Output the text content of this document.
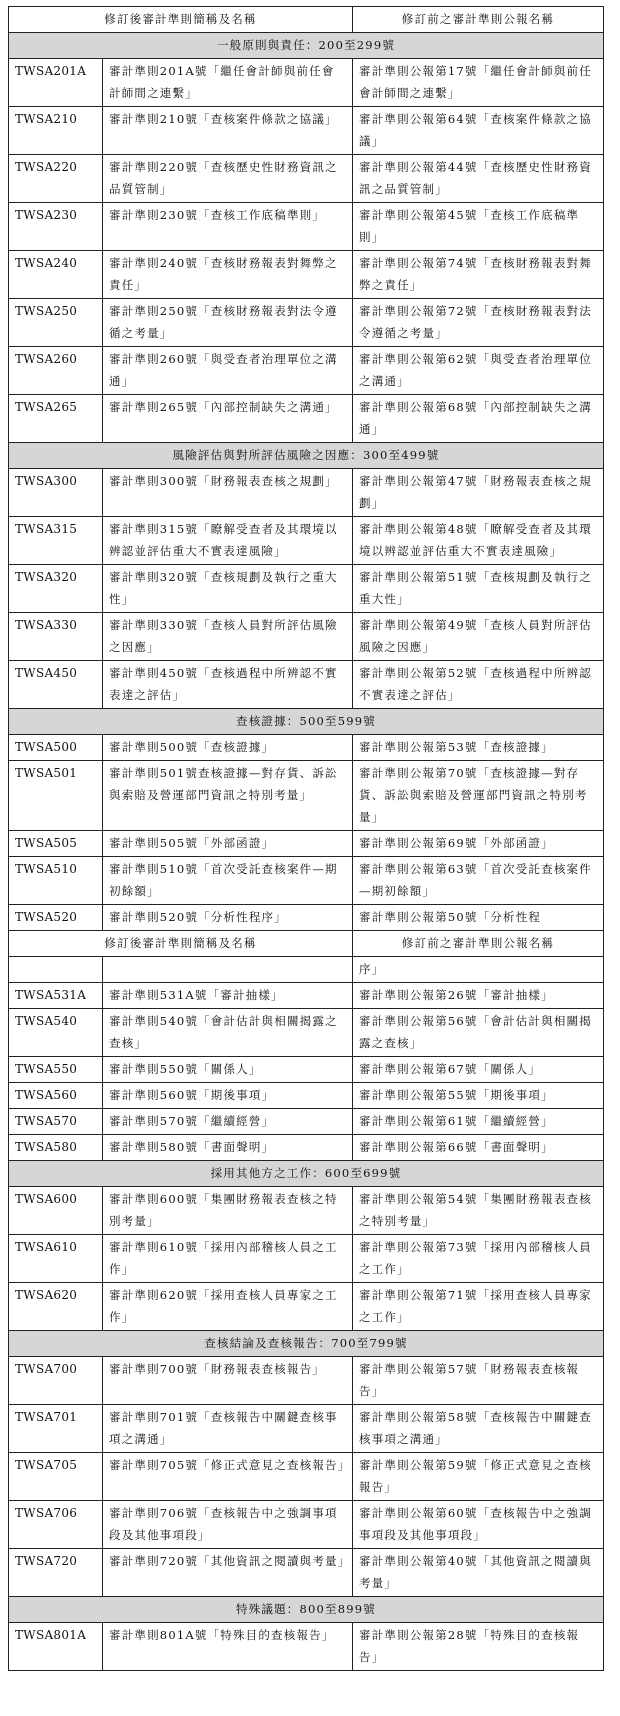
修訂後審計準則簡稱及名稱		修訂前之審計準則公報名稱
一般原則與責任：200至299號		
TWSA201A	審計準則201A號「繼任會計師與前任會計師間之連繫」	審計準則公報第17號「繼任會計師與前任會計師間之連繫」
TWSA210	審計準則210號「查核案件條款之協議」	審計準則公報第64號「查核案件條款之協議」
TWSA220	審計準則220號「查核歷史性財務資訊之品質管制」	審計準則公報第44號「查核歷史性財務資訊之品質管制」
TWSA230	審計準則230號「查核工作底稿準則」	審計準則公報第45號「查核工作底稿準則」
TWSA240	審計準則240號「查核財務報表對舞弊之責任」	審計準則公報第74號「查核財務報表對舞弊之責任」
TWSA250	審計準則250號「查核財務報表對法令遵循之考量」	審計準則公報第72號「查核財務報表對法令遵循之考量」
TWSA260	審計準則260號「與受查者治理單位之溝通」	審計準則公報第62號「與受查者治理單位之溝通」
TWSA265	審計準則265號「內部控制缺失之溝通」	審計準則公報第68號「內部控制缺失之溝通」
風險評估與對所評估風險之因應：300至499號		
TWSA300	審計準則300號「財務報表查核之規劃」	審計準則公報第47號「財務報表查核之規劃」
TWSA315	審計準則315號「瞭解受查者及其環境以辨認並評估重大不實表達風險」	審計準則公報第48號「瞭解受查者及其環境以辨認並評估重大不實表達風險」
TWSA320	審計準則320號「查核規劃及執行之重大性」	審計準則公報第51號「查核規劃及執行之重大性」
TWSA330	審計準則330號「查核人員對所評估風險之因應」	審計準則公報第49號「查核人員對所評估風險之因應」
TWSA450	審計準則450號「查核過程中所辨認不實表達之評估」	審計準則公報第52號「查核過程中所辨認不實表達之評估」
查核證據：500至599號		
TWSA500	審計準則500號「查核證據」	審計準則公報第53號「查核證據」
TWSA501	審計準則501號查核證據—對存貨、訴訟與索賠及營運部門資訊之特別考量」	審計準則公報第70號「查核證據—對存貨、訴訟與索賠及營運部門資訊之特別考量」
TWSA505	審計準則505號「外部函證」	審計準則公報第69號「外部函證」
TWSA510	審計準則510號「首次受託查核案件—期初餘額」	審計準則公報第63號「首次受託查核案件—期初餘額」
TWSA520	審計準則520號「分析性程序」	審計準則公報第50號「分析性程
修訂後審計準則簡稱及名稱		修訂前之審計準則公報名稱
		序」
TWSA531A	審計準則531A號「審計抽樣」	審計準則公報第26號「審計抽樣」
TWSA540	審計準則540號「會計估計與相關揭露之查核」	審計準則公報第56號「會計估計與相關揭露之查核」
TWSA550	審計準則550號「關係人」	審計準則公報第67號「關係人」
TWSA560	審計準則560號「期後事項」	審計準則公報第55號「期後事項」
TWSA570	審計準則570號「繼續經營」	審計準則公報第61號「繼續經營」
TWSA580	審計準則580號「書面聲明」	審計準則公報第66號「書面聲明」
採用其他方之工作：600至699號		
TWSA600	審計準則600號「集團財務報表查核之特別考量」	審計準則公報第54號「集團財務報表查核之特別考量」
TWSA610	審計準則610號「採用內部稽核人員之工作」	審計準則公報第73號「採用內部稽核人員之工作」
TWSA620	審計準則620號「採用查核人員專家之工作」	審計準則公報第71號「採用查核人員專家之工作」
查核結論及查核報告：700至799號		
TWSA700	審計準則700號「財務報表查核報告」	審計準則公報第57號「財務報表查核報告」
TWSA701	審計準則701號「查核報告中關鍵查核事項之溝通」	審計準則公報第58號「查核報告中關鍵查核事項之溝通」
TWSA705	審計準則705號「修正式意見之查核報告」	審計準則公報第59號「修正式意見之查核報告」
TWSA706	審計準則706號「查核報告中之強調事項段及其他事項段」	審計準則公報第60號「查核報告中之強調事項段及其他事項段」
TWSA720	審計準則720號「其他資訊之閱讀與考量」	審計準則公報第40號「其他資訊之閱讀與考量」
特殊議題：800至899號		
TWSA801A	審計準則801A號「特殊目的查核報告」	審計準則公報第28號「特殊目的查核報告」
